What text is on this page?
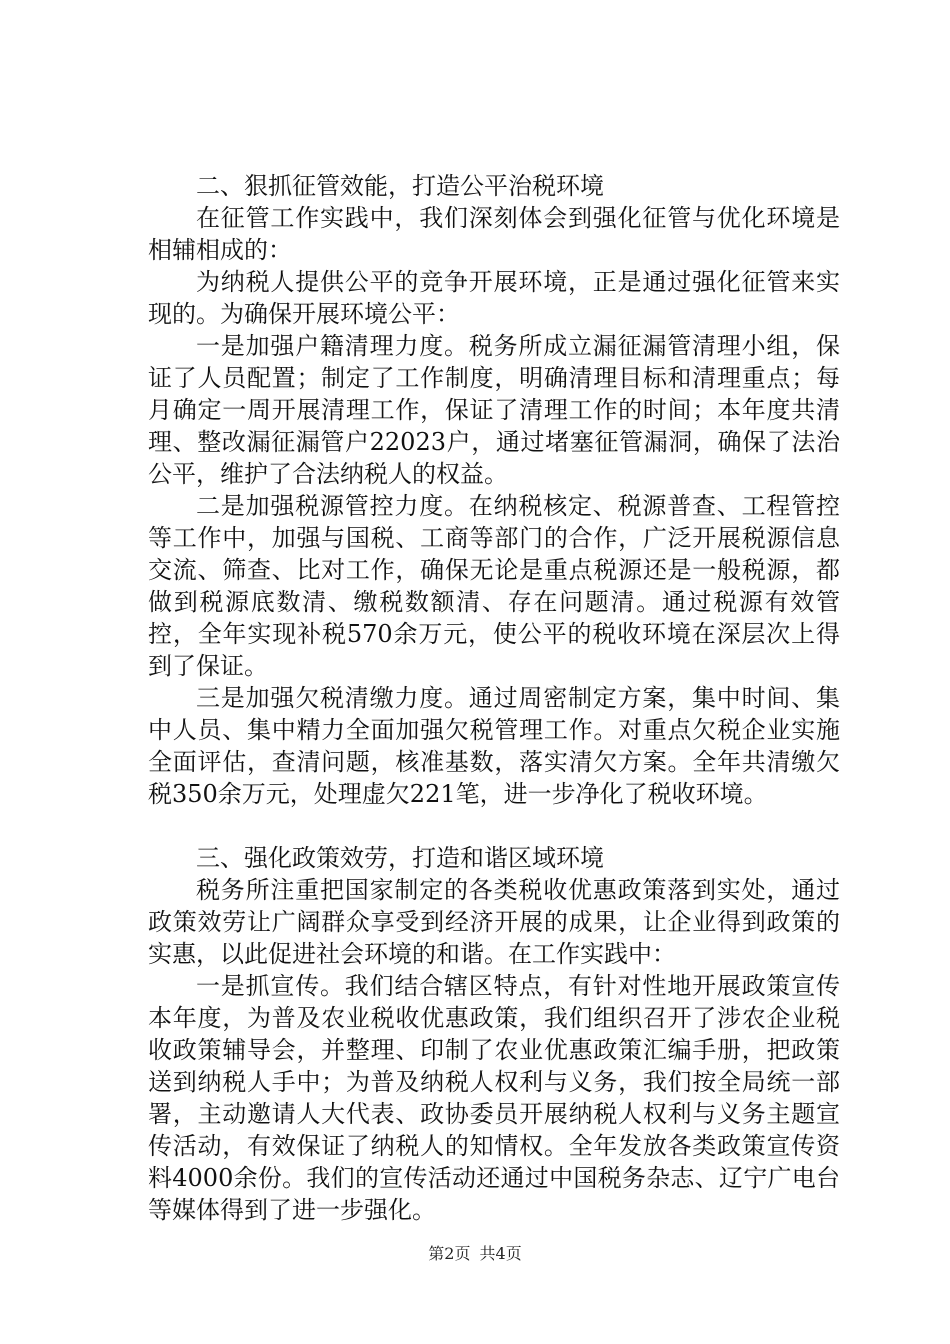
二、狠抓征管效能，打造公平治税环境

在征管工作实践中，我们深刻体会到强化征管与优化环境是相辅相成的：

为纳税人提供公平的竞争开展环境，正是通过强化征管来实现的。为确保开展环境公平：

一是加强户籍清理力度。税务所成立漏征漏管清理小组，保证了人员配置；制定了工作制度，明确清理目标和清理重点；每月确定一周开展清理工作，保证了清理工作的时间；本年度共清理、整改漏征漏管户22023户，通过堵塞征管漏洞，确保了法治公平，维护了合法纳税人的权益。

二是加强税源管控力度。在纳税核定、税源普查、工程管控等工作中，加强与国税、工商等部门的合作，广泛开展税源信息交流、筛查、比对工作，确保无论是重点税源还是一般税源，都做到税源底数清、缴税数额清、存在问题清。通过税源有效管控，全年实现补税570余万元，使公平的税收环境在深层次上得到了保证。

三是加强欠税清缴力度。通过周密制定方案，集中时间、集中人员、集中精力全面加强欠税管理工作。对重点欠税企业实施全面评估，查清问题，核准基数，落实清欠方案。全年共清缴欠税350余万元，处理虚欠221笔，进一步净化了税收环境。

三、强化政策效劳，打造和谐区域环境

税务所注重把国家制定的各类税收优惠政策落到实处，通过政策效劳让广阔群众享受到经济开展的成果，让企业得到政策的实惠，以此促进社会环境的和谐。在工作实践中：

一是抓宣传。我们结合辖区特点，有针对性地开展政策宣传本年度，为普及农业税收优惠政策，我们组织召开了涉农企业税收政策辅导会，并整理、印制了农业优惠政策汇编手册，把政策送到纳税人手中；为普及纳税人权利与义务，我们按全局统一部署，主动邀请人大代表、政协委员开展纳税人权利与义务主题宣传活动，有效保证了纳税人的知情权。全年发放各类政策宣传资料4000余份。我们的宣传活动还通过中国税务杂志、辽宁广电台等媒体得到了进一步强化。

第2页 共4页
